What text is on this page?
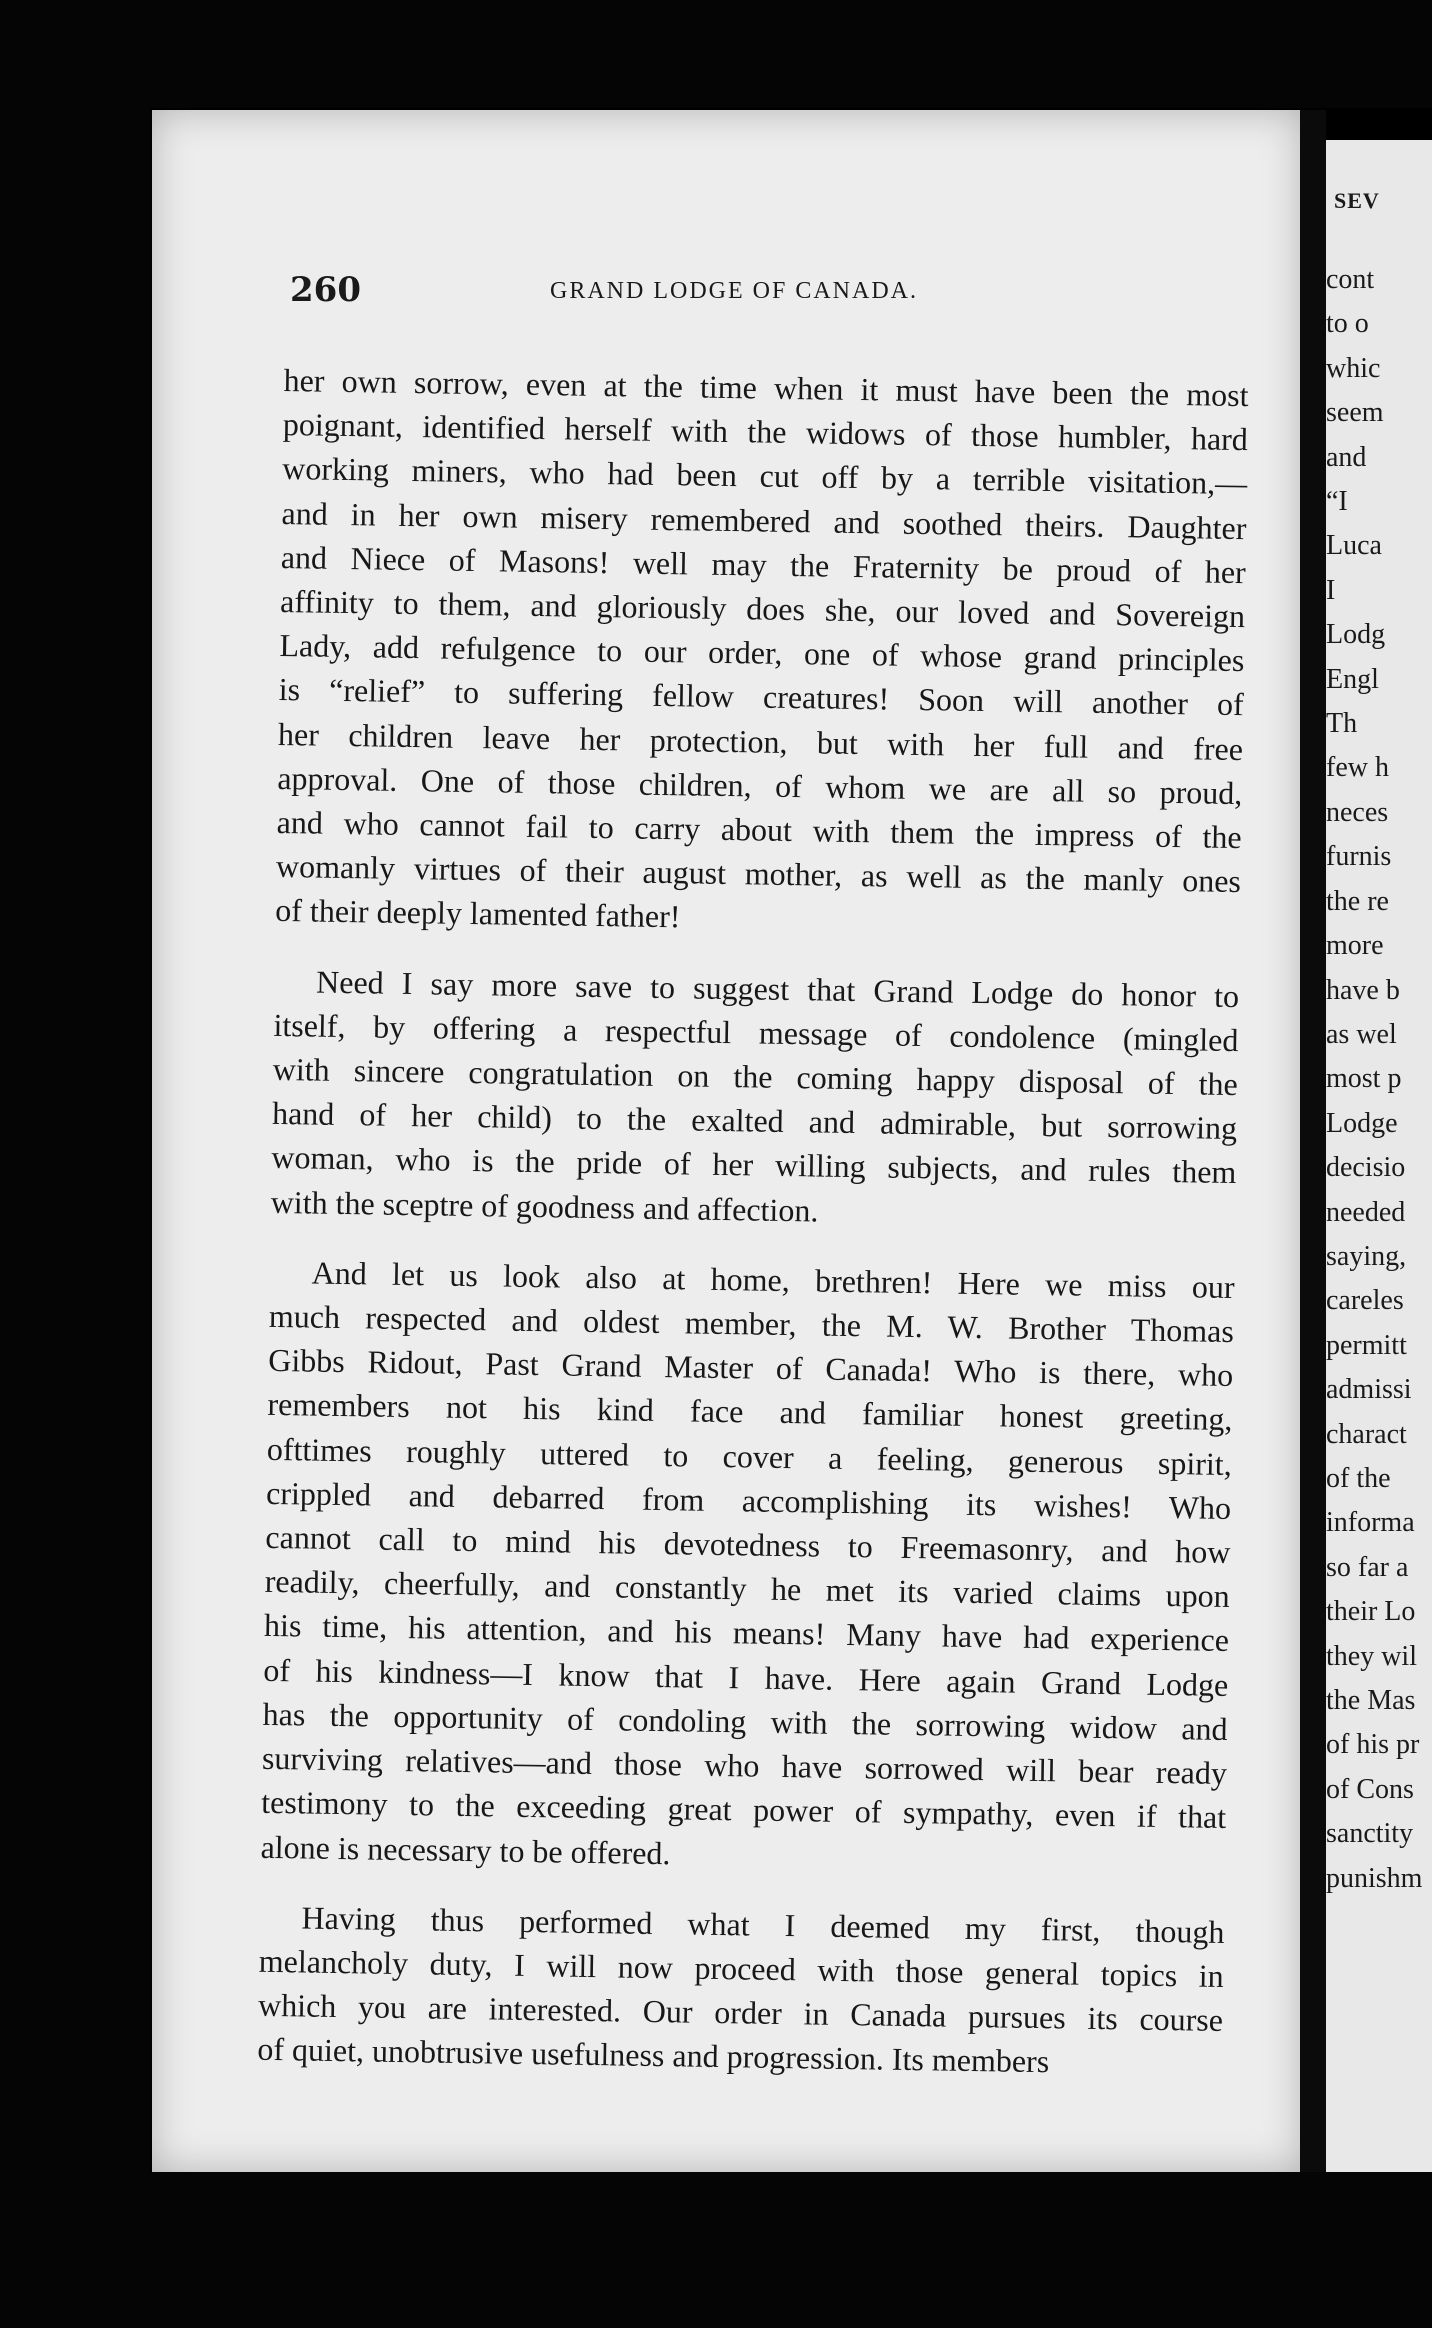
260	GRAND LODGE OF CANADA.
her own sorrow, even at the time when it must have been the most
poignant, identified herself with the widows of those humbler, hard
working miners, who had been cut off by a terrible visitation,—
and in her own misery remembered and soothed theirs. Daughter
and Niece of Masons! well may the Fraternity be proud of her
affinity to them, and gloriously does she, our loved and Sovereign
Lady, add refulgence to our order, one of whose grand principles
is “relief” to suffering fellow creatures! Soon will another of
her children leave her protection, but with her full and free
approval. One of those children, of whom we are all so proud,
and who cannot fail to carry about with them the impress of the
womanly virtues of their august mother, as well as the manly ones
of their deeply lamented father!
Need I say more save to suggest that Grand Lodge do honor to
itself, by offering a respectful message of condolence (mingled
with sincere congratulation on the coming happy disposal of the
hand of her child) to the exalted and admirable, but sorrowing
woman, who is the pride of her willing subjects, and rules them
with the sceptre of goodness and affection.
And let us look also at home, brethren! Here we miss our
much respected and oldest member, the M. W. Brother Thomas
Gibbs Ridout, Past Grand Master of Canada! Who is there, who
remembers not his kind face and familiar honest greeting,
ofttimes roughly uttered to cover a feeling, generous spirit,
crippled and debarred from accomplishing its wishes! Who
cannot call to mind his devotedness to Freemasonry, and how
readily, cheerfully, and constantly he met its varied claims upon
his time, his attention, and his means! Many have had experience
of his kindness—I know that I have. Here again Grand Lodge
has the opportunity of condoling with the sorrowing widow and
surviving relatives—and those who have sorrowed will bear ready
testimony to the exceeding great power of sympathy, even if that
alone is necessary to be offered.
Having thus performed what I deemed my first, though
melancholy duty, I will now proceed with those general topics in
which you are interested. Our order in Canada pursues its course
of quiet, unobtrusive usefulness and progression. Its members
SEV
cont
to o
whic
seem
and
“I
Luca
I
Lodg
Engl
Th
few h
neces
furnis
the re
more
have b
as wel
most p
Lodge
decisio
needed
saying,
careles
permitt
admissi
charact
of the
informa
so far a
their Lo
they wil
the Mas
of his pr
of Cons
sanctity
punishm
